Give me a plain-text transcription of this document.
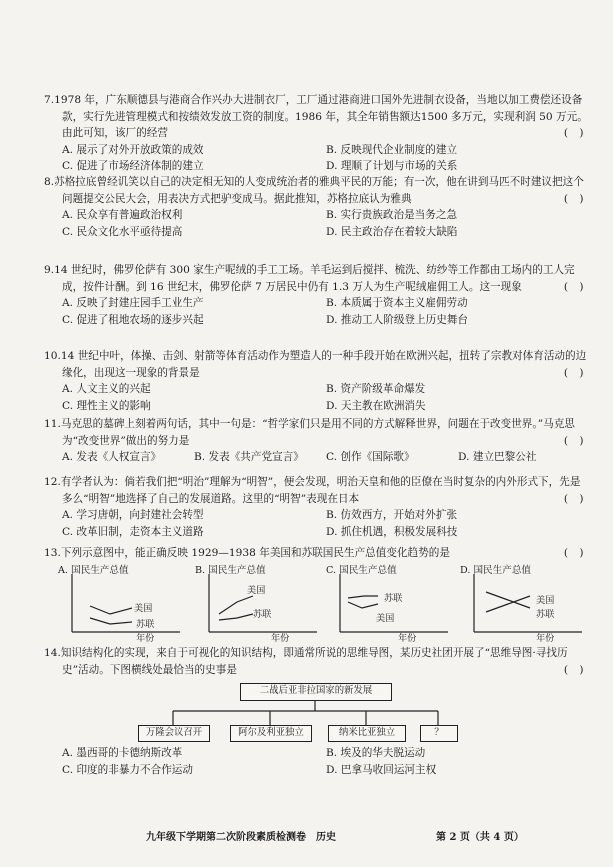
7.1978 年，广东顺德县与港商合作兴办大进制衣厂，工厂通过港商进口国外先进制衣设备，当地以加工费偿还设备款，实行先进管理模式和按绩效发放工资的制度。1986 年，其全年销售额达1500 多万元，实现利润 50 万元。由此可知，该厂的经营	( )
A. 展示了对外开放政策的成效	B. 反映现代企业制度的建立
C. 促进了市场经济体制的建立	D. 理顺了计划与市场的关系
8.苏格拉底曾经讥笑以自己的决定相无知的人变成统治者的雅典平民的万能；有一次，他在讲到马匹不时建议把这个问题提交公民大会，用表决方式把驴变成马。据此推知，苏格拉底认为雅典	( )
A. 民众享有普遍政治权利	B. 实行贵族政治是当务之急
C. 民众文化水平亟待提高	D. 民主政治存在着较大缺陷
9.14 世纪时，佛罗伦萨有 300 家生产呢绒的手工工场。羊毛运到后搅拌、梳洗、纺纱等工作都由工场内的工人完成，按件计酬。到 16 世纪末，佛罗伦萨 7 万居民中仍有 1.3 万人为生产呢绒雇佣工人。这一现象	( )
A. 反映了封建庄园手工业生产	B. 本质属于资本主义雇佣劳动
C. 促进了租地农场的逐步兴起	D. 推动工人阶级登上历史舞台
10.14 世纪中叶，体操、击剑、射箭等体育活动作为塑造人的一种手段开始在欧洲兴起，扭转了宗教对体育活动的边缘化，出现这一现象的背景是	( )
A. 人文主义的兴起	B. 资产阶级革命爆发
C. 理性主义的影响	D. 天主教在欧洲消失
11.马克思的墓碑上刻着两句话，其中一句是：“哲学家们只是用不同的方式解释世界，问题在于改变世界。”马克思为“改变世界”做出的努力是	( )
A. 发表《人权宣言》	B. 发表《共产党宣言》	C. 创作《国际歌》	D. 建立巴黎公社
12.有学者认为：倘若我们把“明治”理解为“明智”，便会发现，明治天皇和他的臣僚在当时复杂的内外形式下，先是多么“明智”地选择了自己的发展道路。这里的“明智”表现在日本	( )
A. 学习唐朝，向封建社会转型	B. 仿效西方，开始对外扩张
C. 改革旧制，走资本主义道路	D. 抓住机遇，积极发展科技
13.下列示意图中，能正确反映 1929—1938 年美国和苏联国民生产总值变化趋势的是	( )
A. 国民生产总值
美国
苏联
年份
B. 国民生产总值
美国
苏联
年份
C. 国民生产总值
苏联
美国
年份
D. 国民生产总值
美国
苏联
年份
14.知识结构化的实现，来自于可视化的知识结构，即通常所说的思维导图，某历史社团开展了“思维导图·寻找历史”活动。下图横线处最恰当的史事是	( )
二战后亚非拉国家的新发展
万隆会议召开	阿尔及利亚独立	纳米比亚独立	？
A. 墨西哥的卡德纳斯改革	B. 埃及的华夫脱运动
C. 印度的非暴力不合作运动	D. 巴拿马收回运河主权
九年级下学期第二次阶段素质检测卷　历史	第 2 页（共 4 页）
